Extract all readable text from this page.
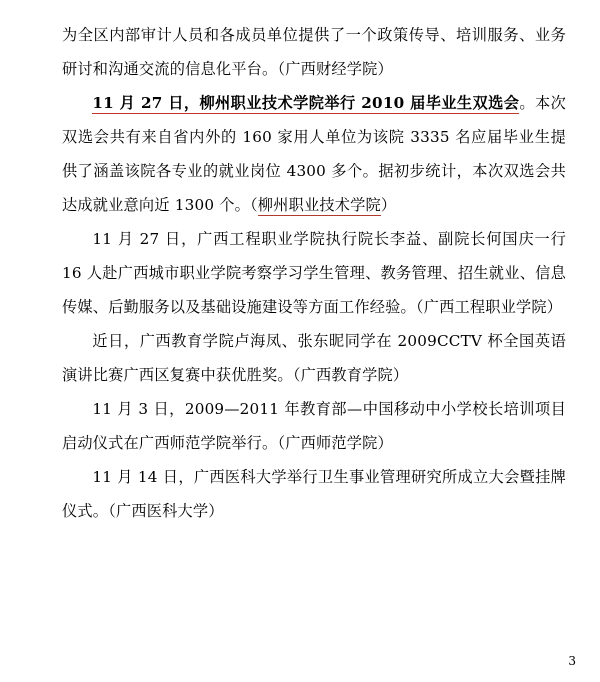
为全区内部审计人员和各成员单位提供了一个政策传导、培训服务、业务研讨和沟通交流的信息化平台。（广西财经学院）

11 月 27 日，柳州职业技术学院举行 2010 届毕业生双选会。本次双选会共有来自省内外的 160 家用人单位为该院 3335 名应届毕业生提供了涵盖该院各专业的就业岗位 4300 多个。据初步统计，本次双选会共达成就业意向近 1300 个。（柳州职业技术学院）

11 月 27 日，广西工程职业学院执行院长李益、副院长何国庆一行 16 人赴广西城市职业学院考察学习学生管理、教务管理、招生就业、信息传媒、后勤服务以及基础设施建设等方面工作经验。（广西工程职业学院）

近日，广西教育学院卢海凤、张东昵同学在 2009CCTV 杯全国英语演讲比赛广西区复赛中获优胜奖。（广西教育学院）

11 月 3 日，2009—2011 年教育部—中国移动中小学校长培训项目启动仪式在广西师范学院举行。（广西师范学院）

11 月 14 日，广西医科大学举行卫生事业管理研究所成立大会暨挂牌仪式。（广西医科大学）

3
